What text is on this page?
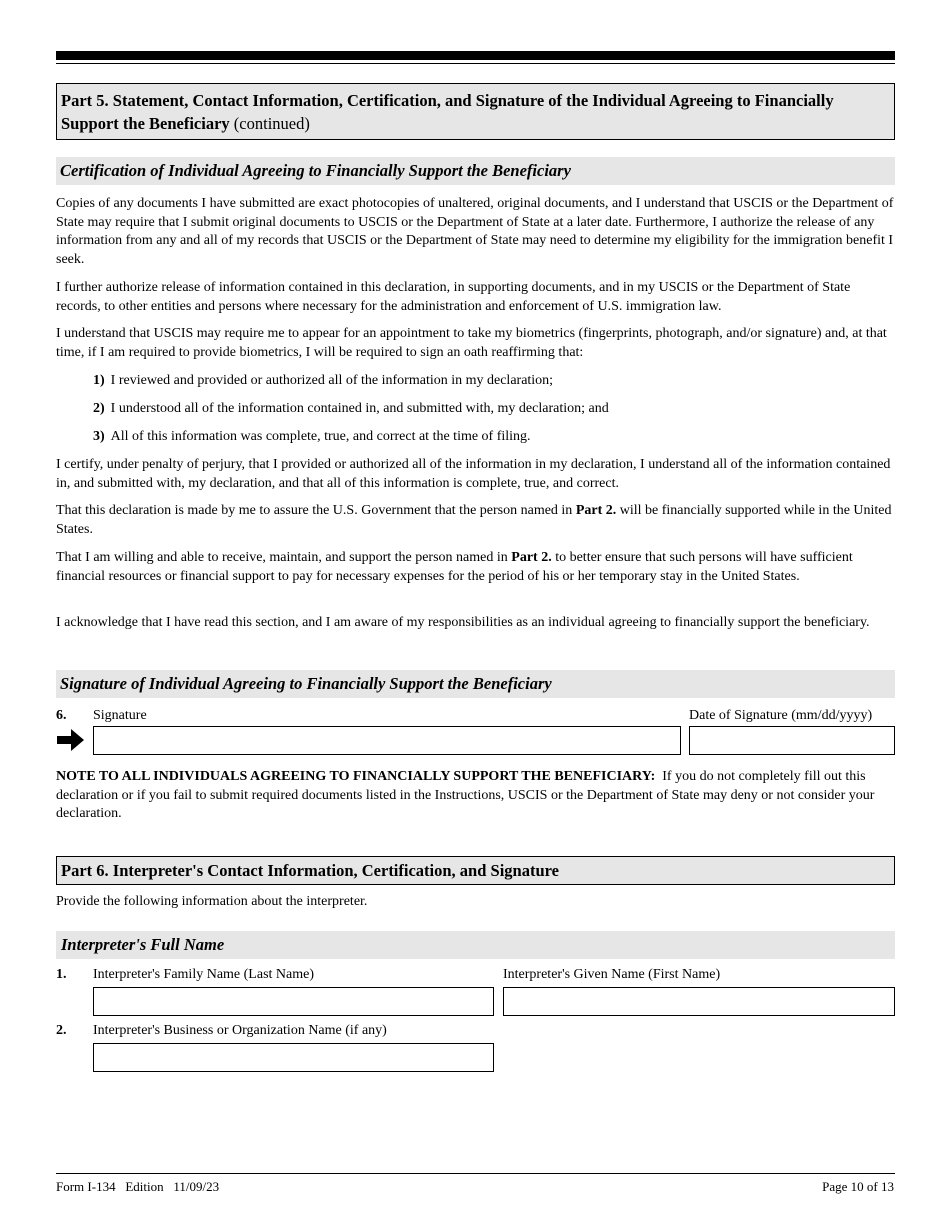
Part 5. Statement, Contact Information, Certification, and Signature of the Individual Agreeing to Financially Support the Beneficiary (continued)
Certification of Individual Agreeing to Financially Support the Beneficiary
Copies of any documents I have submitted are exact photocopies of unaltered, original documents, and I understand that USCIS or the Department of State may require that I submit original documents to USCIS or the Department of State at a later date. Furthermore, I authorize the release of any information from any and all of my records that USCIS or the Department of State may need to determine my eligibility for the immigration benefit I seek.
I further authorize release of information contained in this declaration, in supporting documents, and in my USCIS or the Department of State records, to other entities and persons where necessary for the administration and enforcement of U.S. immigration law.
I understand that USCIS may require me to appear for an appointment to take my biometrics (fingerprints, photograph, and/or signature) and, at that time, if I am required to provide biometrics, I will be required to sign an oath reaffirming that:
1) I reviewed and provided or authorized all of the information in my declaration;
2) I understood all of the information contained in, and submitted with, my declaration; and
3) All of this information was complete, true, and correct at the time of filing.
I certify, under penalty of perjury, that I provided or authorized all of the information in my declaration, I understand all of the information contained in, and submitted with, my declaration, and that all of this information is complete, true, and correct.
That this declaration is made by me to assure the U.S. Government that the person named in Part 2. will be financially supported while in the United States.
That I am willing and able to receive, maintain, and support the person named in Part 2. to better ensure that such persons will have sufficient financial resources or financial support to pay for necessary expenses for the period of his or her temporary stay in the United States.
I acknowledge that I have read this section, and I am aware of my responsibilities as an individual agreeing to financially support the beneficiary.
Signature of Individual Agreeing to Financially Support the Beneficiary
6. Signature	Date of Signature (mm/dd/yyyy)
NOTE TO ALL INDIVIDUALS AGREEING TO FINANCIALLY SUPPORT THE BENEFICIARY:  If you do not completely fill out this declaration or if you fail to submit required documents listed in the Instructions, USCIS or the Department of State may deny or not consider your declaration.
Part 6. Interpreter's Contact Information, Certification, and Signature
Provide the following information about the interpreter.
Interpreter's Full Name
1. Interpreter's Family Name (Last Name)	Interpreter's Given Name (First Name)
2. Interpreter's Business or Organization Name (if any)
Form I-134   Edition   11/09/23	Page 10 of 13
